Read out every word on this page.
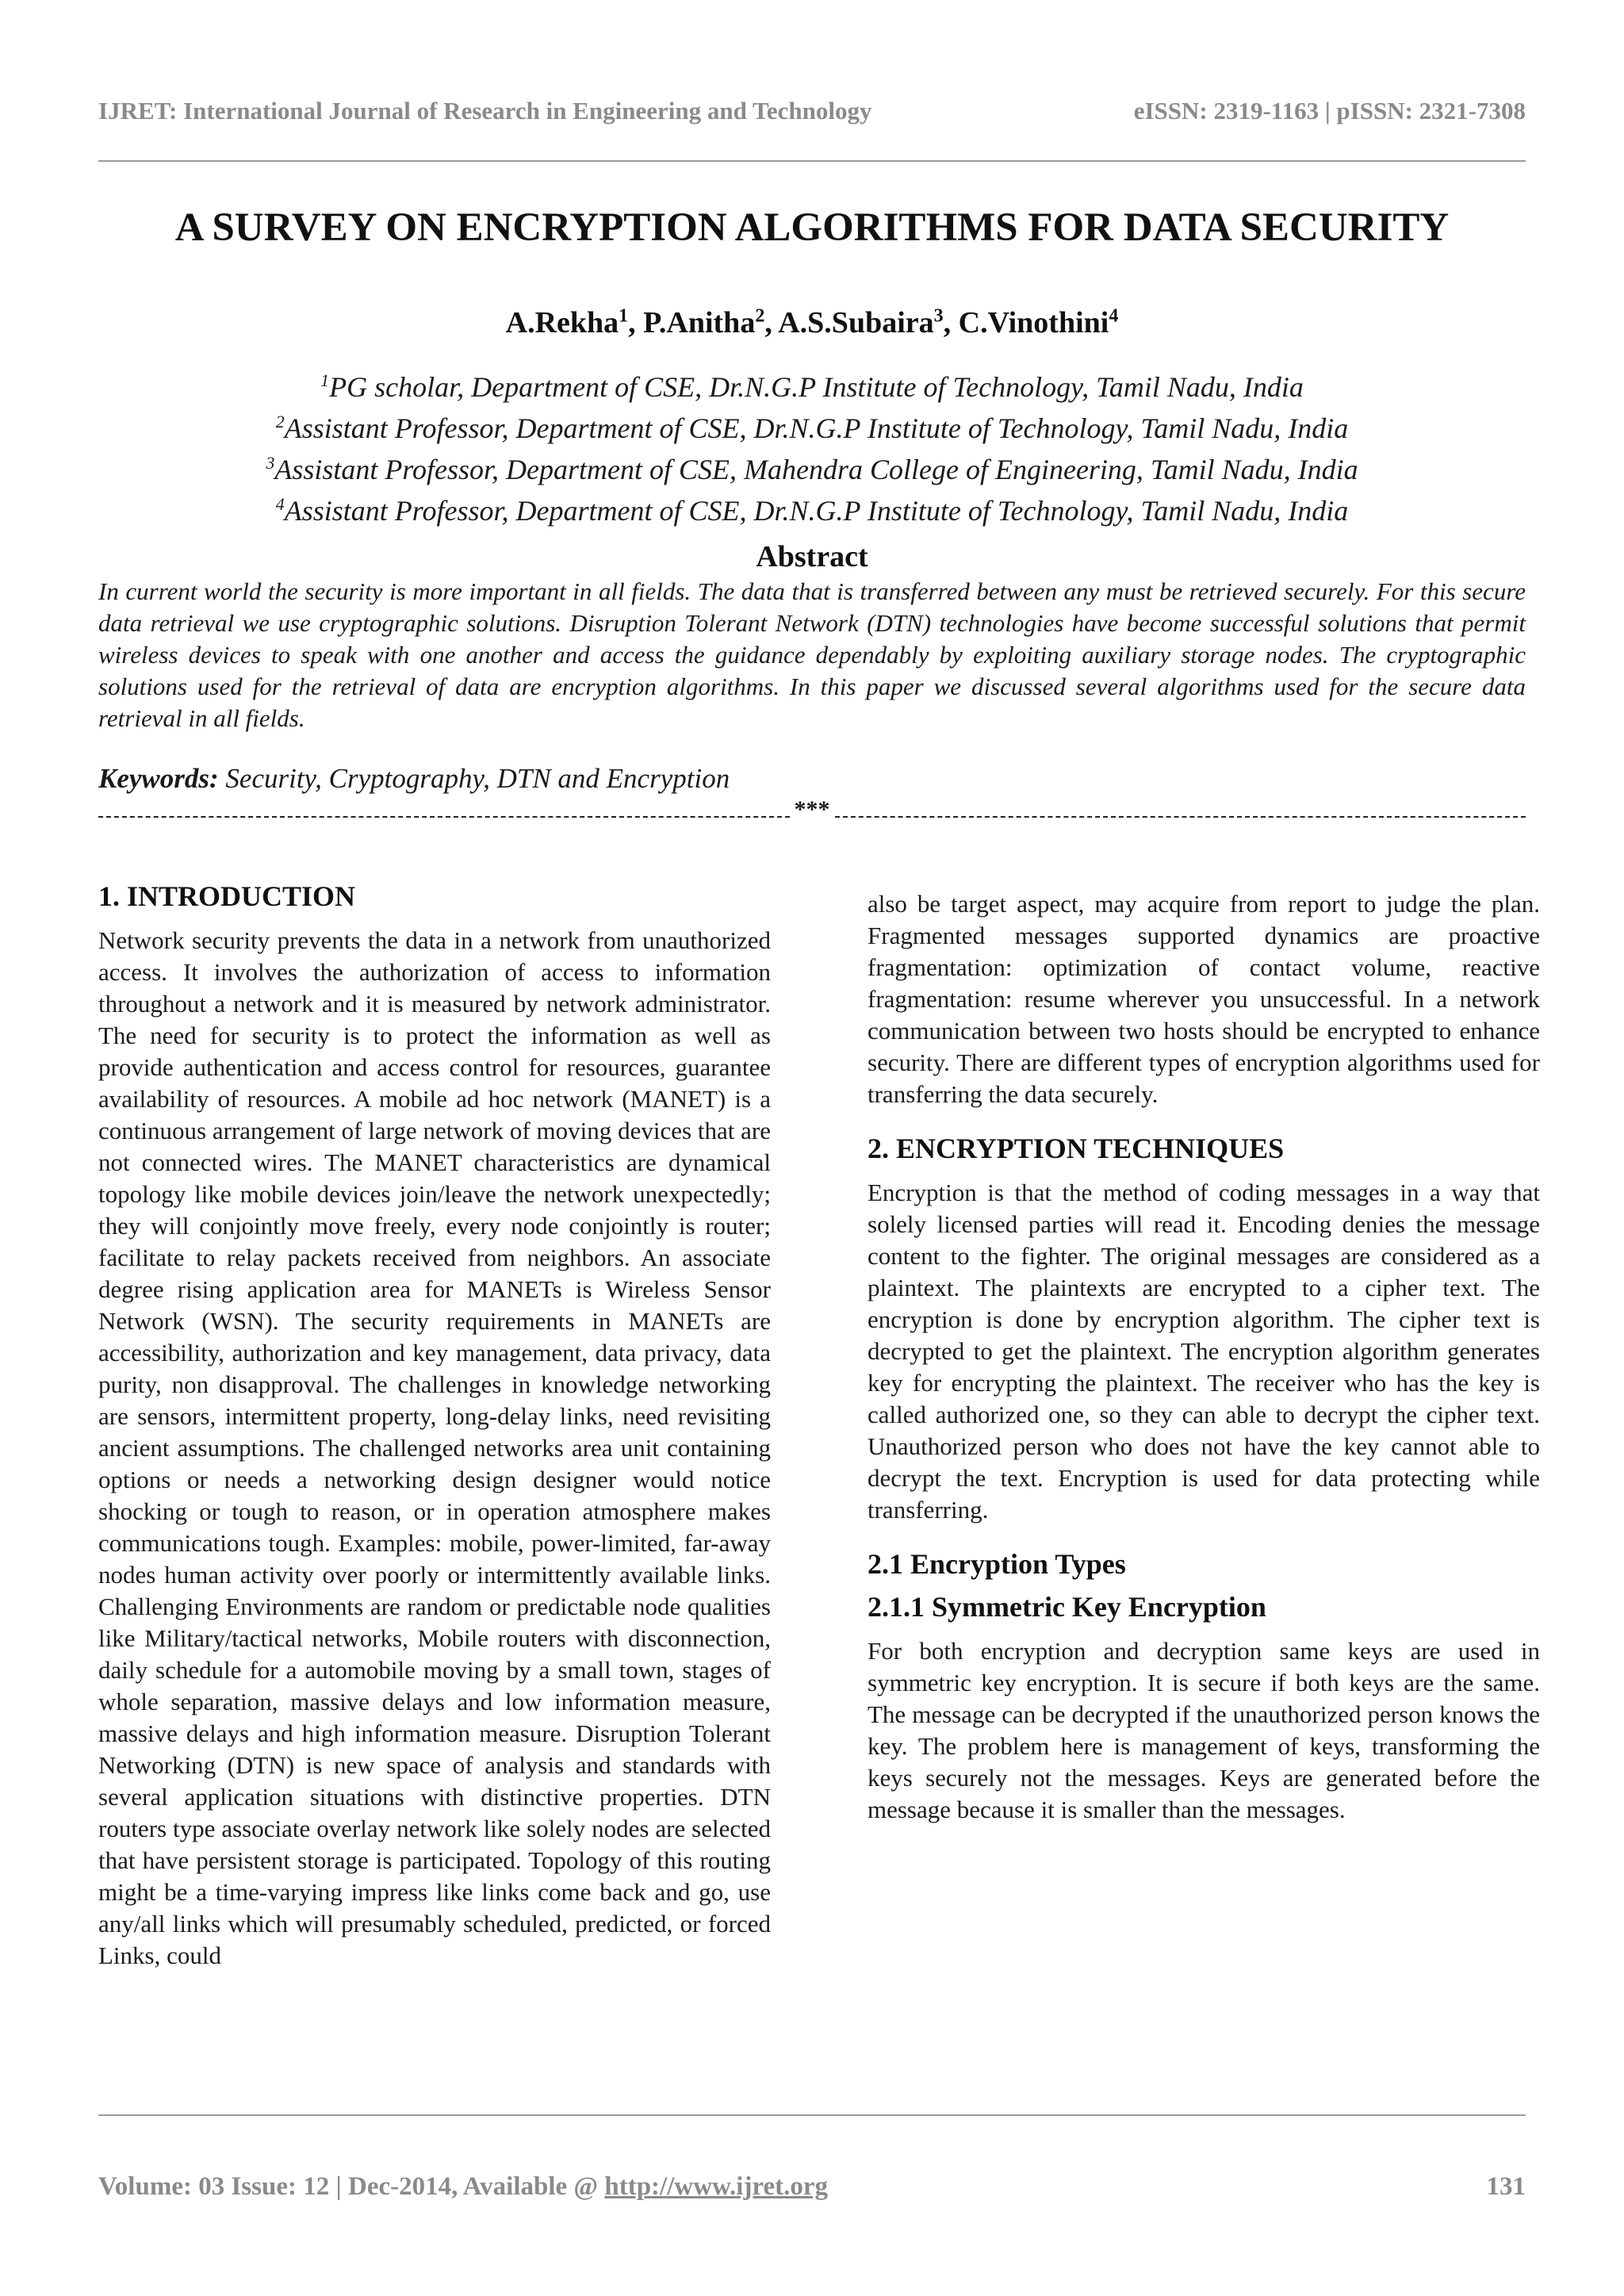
IJRET: International Journal of Research in Engineering and Technology	eISSN: 2319-1163 | pISSN: 2321-7308
A SURVEY ON ENCRYPTION ALGORITHMS FOR DATA SECURITY
A.Rekha$^1$, P.Anitha$^2$, A.S.Subaira$^3$, C.Vinothini$^4$
$^1$PG scholar, Department of CSE, Dr.N.G.P Institute of Technology, Tamil Nadu, India
$^2$Assistant Professor, Department of CSE, Dr.N.G.P Institute of Technology, Tamil Nadu, India
$^3$Assistant Professor, Department of CSE, Mahendra College of Engineering, Tamil Nadu, India
$^4$Assistant Professor, Department of CSE, Dr.N.G.P Institute of Technology, Tamil Nadu, India
Abstract
In current world the security is more important in all fields. The data that is transferred between any must be retrieved securely. For this secure data retrieval we use cryptographic solutions. Disruption Tolerant Network (DTN) technologies have become successful solutions that permit wireless devices to speak with one another and access the guidance dependably by exploiting auxiliary storage nodes. The cryptographic solutions used for the retrieval of data are encryption algorithms. In this paper we discussed several algorithms used for the secure data retrieval in all fields.
Keywords: Security, Cryptography, DTN and Encryption
***
1. INTRODUCTION

Network security prevents the data in a network from unauthorized access. It involves the authorization of access to information throughout a network and it is measured by network administrator. The need for security is to protect the information as well as provide authentication and access control for resources, guarantee availability of resources. A mobile ad hoc network (MANET) is a continuous arrangement of large network of moving devices that are not connected wires. The MANET characteristics are dynamical topology like mobile devices join/leave the network unexpectedly; they will conjointly move freely, every node conjointly is router; facilitate to relay packets received from neighbors. An associate degree rising application area for MANETs is Wireless Sensor Network (WSN). The security requirements in MANETs are accessibility, authorization and key management, data privacy, data purity, non disapproval. The challenges in knowledge networking are sensors, intermittent property, long-delay links, need revisiting ancient assumptions. The challenged networks area unit containing options or needs a networking design designer would notice shocking or tough to reason, or in operation atmosphere makes communications tough. Examples: mobile, power-limited, far-away nodes human activity over poorly or intermittently available links. Challenging Environments are random or predictable node qualities like Military/tactical networks, Mobile routers with disconnection, daily schedule for a automobile moving by a small town, stages of whole separation, massive delays and low information measure, massive delays and high information measure. Disruption Tolerant Networking (DTN) is new space of analysis and standards with several application situations with distinctive properties. DTN routers type associate overlay network like solely nodes are selected that have persistent storage is participated. Topology of this routing might be a time-varying impress like links come back and go, use any/all links which will presumably scheduled, predicted, or forced Links, could

also be target aspect, may acquire from report to judge the plan. Fragmented messages supported dynamics are proactive fragmentation: optimization of contact volume, reactive fragmentation: resume wherever you unsuccessful. In a network communication between two hosts should be encrypted to enhance security. There are different types of encryption algorithms used for transferring the data securely.

2. ENCRYPTION TECHNIQUES

Encryption is that the method of coding messages in a way that solely licensed parties will read it. Encoding denies the message content to the fighter. The original messages are considered as a plaintext. The plaintexts are encrypted to a cipher text. The encryption is done by encryption algorithm. The cipher text is decrypted to get the plaintext. The encryption algorithm generates key for encrypting the plaintext. The receiver who has the key is called authorized one, so they can able to decrypt the cipher text. Unauthorized person who does not have the key cannot able to decrypt the text. Encryption is used for data protecting while transferring.

2.1 Encryption Types
2.1.1 Symmetric Key Encryption

For both encryption and decryption same keys are used in symmetric key encryption. It is secure if both keys are the same. The message can be decrypted if the unauthorized person knows the key. The problem here is management of keys, transforming the keys securely not the messages. Keys are generated before the message because it is smaller than the messages.

Volume: 03 Issue: 12 | Dec-2014, Available @ http://www.ijret.org	131
